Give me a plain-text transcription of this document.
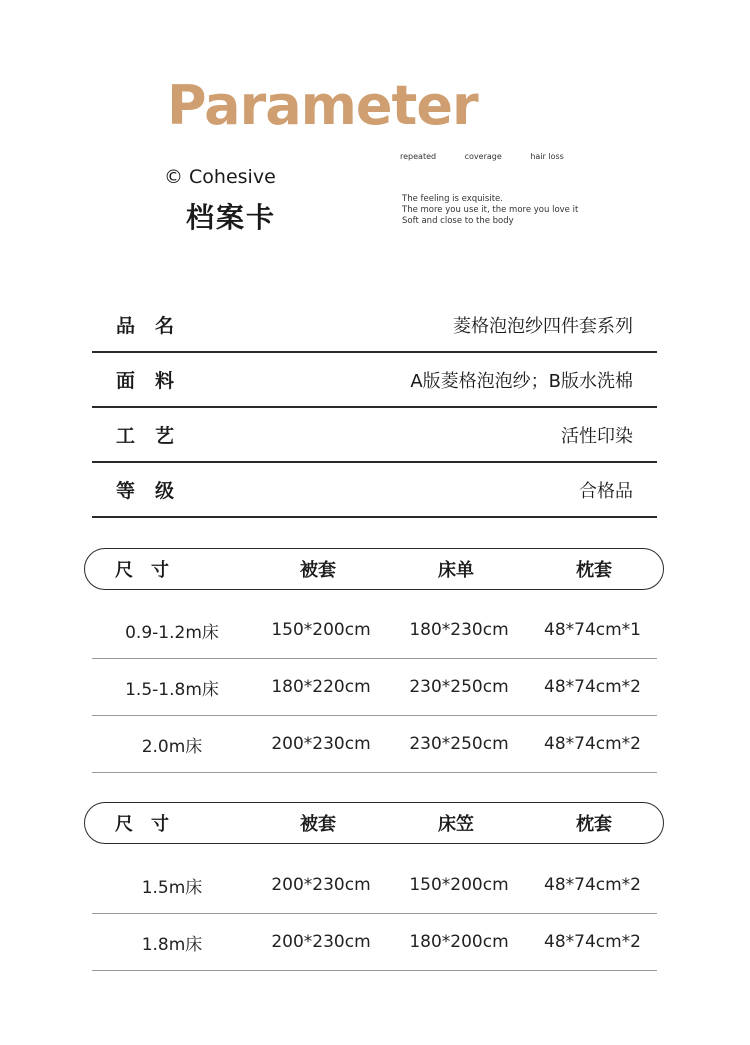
Parameter
© Cohesive
档案卡
repeated	coverage	hair loss
The feeling is exquisite.
The more you use it, the more you love it
Soft and close to the body
品名	菱格泡泡纱四件套系列
面料	A版菱格泡泡纱；B版水洗棉
工艺	活性印染
等级	合格品
尺寸	被套	床单	枕套
0.9-1.2m床	150*200cm	180*230cm	48*74cm*1
1.5-1.8m床	180*220cm	230*250cm	48*74cm*2
2.0m床	200*230cm	230*250cm	48*74cm*2
尺寸	被套	床笠	枕套
1.5m床	200*230cm	150*200cm	48*74cm*2
1.8m床	200*230cm	180*200cm	48*74cm*2
